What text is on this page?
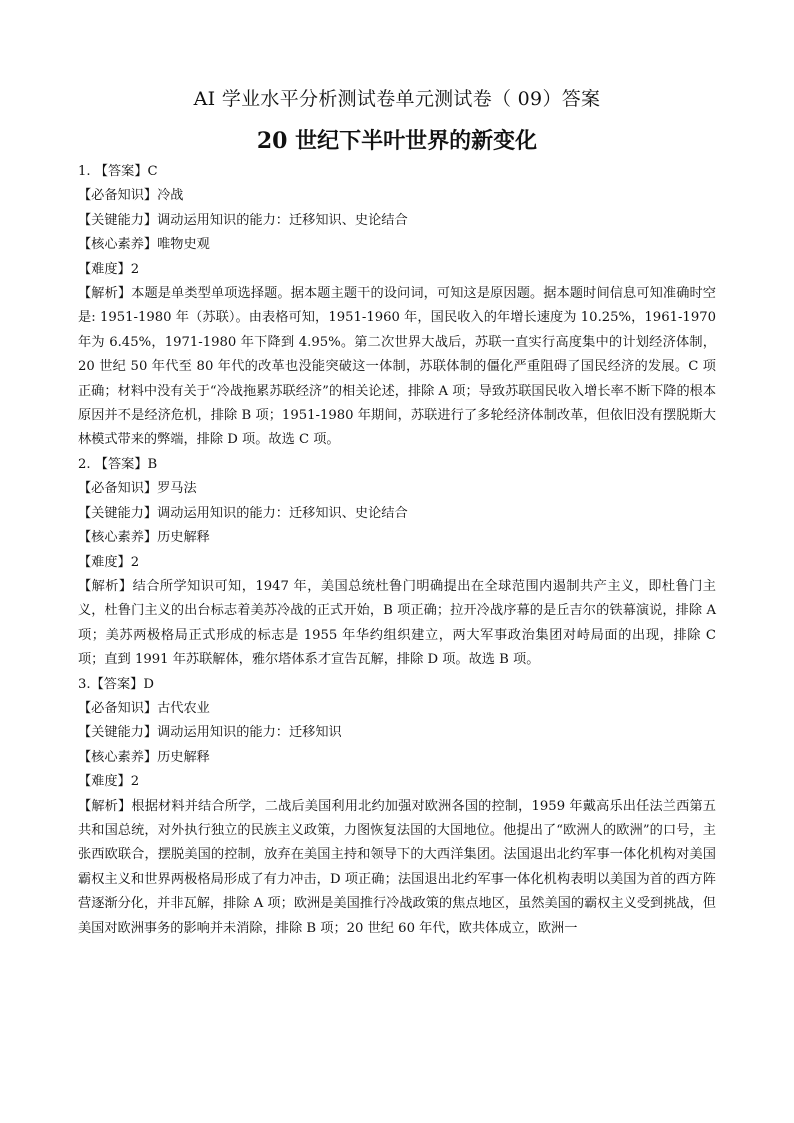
AI 学业水平分析测试卷单元测试卷（ 09）答案
20 世纪下半叶世界的新变化
1. 【答案】C
【必备知识】冷战
【关键能力】调动运用知识的能力：迁移知识、史论结合
【核心素养】唯物史观
【难度】2
【解析】本题是单类型单项选择题。据本题主题干的设问词，可知这是原因题。据本题时间信息可知准确时空是: 1951-1980 年（苏联）。由表格可知，1951-1960 年，国民收入的年增长速度为 10.25%，1961-1970 年为 6.45%，1971-1980 年下降到 4.95%。第二次世界大战后，苏联一直实行高度集中的计划经济体制，20 世纪 50 年代至 80 年代的改革也没能突破这一体制，苏联体制的僵化严重阻碍了国民经济的发展。C 项正确；材料中没有关于“冷战拖累苏联经济”的相关论述，排除 A 项；导致苏联国民收入增长率不断下降的根本原因并不是经济危机，排除 B 项；1951-1980 年期间，苏联进行了多轮经济体制改革，但依旧没有摆脱斯大林模式带来的弊端，排除 D 项。故选 C 项。
2. 【答案】B
【必备知识】罗马法
【关键能力】调动运用知识的能力：迁移知识、史论结合
【核心素养】历史解释
【难度】2
【解析】结合所学知识可知，1947 年，美国总统杜鲁门明确提出在全球范围内遏制共产主义，即杜鲁门主义，杜鲁门主义的出台标志着美苏冷战的正式开始，B 项正确；拉开冷战序幕的是丘吉尔的铁幕演说，排除 A 项；美苏两极格局正式形成的标志是 1955 年华约组织建立，两大军事政治集团对峙局面的出现，排除 C 项；直到 1991 年苏联解体，雅尔塔体系才宣告瓦解，排除 D 项。故选 B 项。
3.【答案】D
【必备知识】古代农业
【关键能力】调动运用知识的能力：迁移知识
【核心素养】历史解释
【难度】2
【解析】根据材料并结合所学，二战后美国利用北约加强对欧洲各国的控制，1959 年戴高乐出任法兰西第五共和国总统，对外执行独立的民族主义政策，力图恢复法国的大国地位。他提出了“欧洲人的欧洲”的口号，主张西欧联合，摆脱美国的控制，放弃在美国主持和领导下的大西洋集团。法国退出北约军事一体化机构对美国霸权主义和世界两极格局形成了有力冲击，D 项正确；法国退出北约军事一体化机构表明以美国为首的西方阵营逐渐分化，并非瓦解，排除 A 项；欧洲是美国推行冷战政策的焦点地区，虽然美国的霸权主义受到挑战，但美国对欧洲事务的影响并未消除，排除 B 项；20 世纪 60 年代，欧共体成立，欧洲一
